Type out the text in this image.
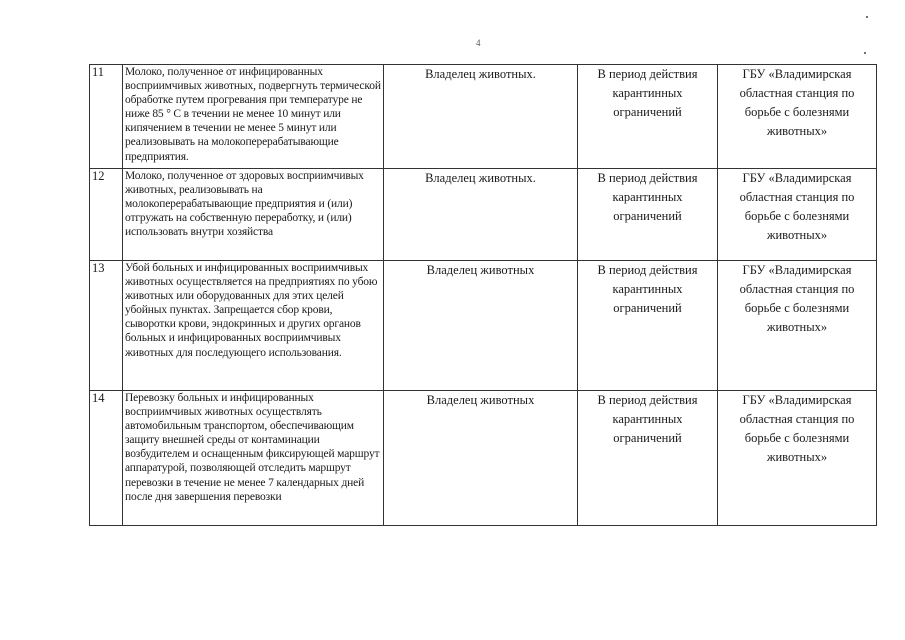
4
11	Молоко, полученное от инфицированных восприимчивых животных, подвергнуть термической обработке путем прогревания при температуре не ниже 85 ° С в течении не менее 10 минут или кипячением в течении не менее 5 минут или реализовывать на молокоперерабатывающие предприятия.	Владелец животных.	В период действия карантинных ограничений	ГБУ «Владимирская областная станция по борьбе с болезнями животных»
12	Молоко, полученное от здоровых восприимчивых животных, реализовывать на молокоперерабатывающие предприятия и (или) отгружать на собственную переработку, и (или) использовать внутри хозяйства	Владелец животных.	В период действия карантинных ограничений	ГБУ «Владимирская областная станция по борьбе с болезнями животных»
13	Убой больных и инфицированных восприимчивых животных осуществляется на предприятиях по убою животных или оборудованных для этих целей убойных пунктах. Запрещается сбор крови, сыворотки крови, эндокринных и других органов больных и инфицированных восприимчивых животных для последующего использования.	Владелец животных	В период действия карантинных ограничений	ГБУ «Владимирская областная станция по борьбе с болезнями животных»
14	Перевозку больных и инфицированных восприимчивых животных осуществлять автомобильным транспортом, обеспечивающим защиту внешней среды от контаминации возбудителем и оснащенным фиксирующей маршрут аппаратурой, позволяющей отследить маршрут перевозки в течение не менее 7 календарных дней после дня завершения перевозки	Владелец животных	В период действия карантинных ограничений	ГБУ «Владимирская областная станция по борьбе с болезнями животных»
